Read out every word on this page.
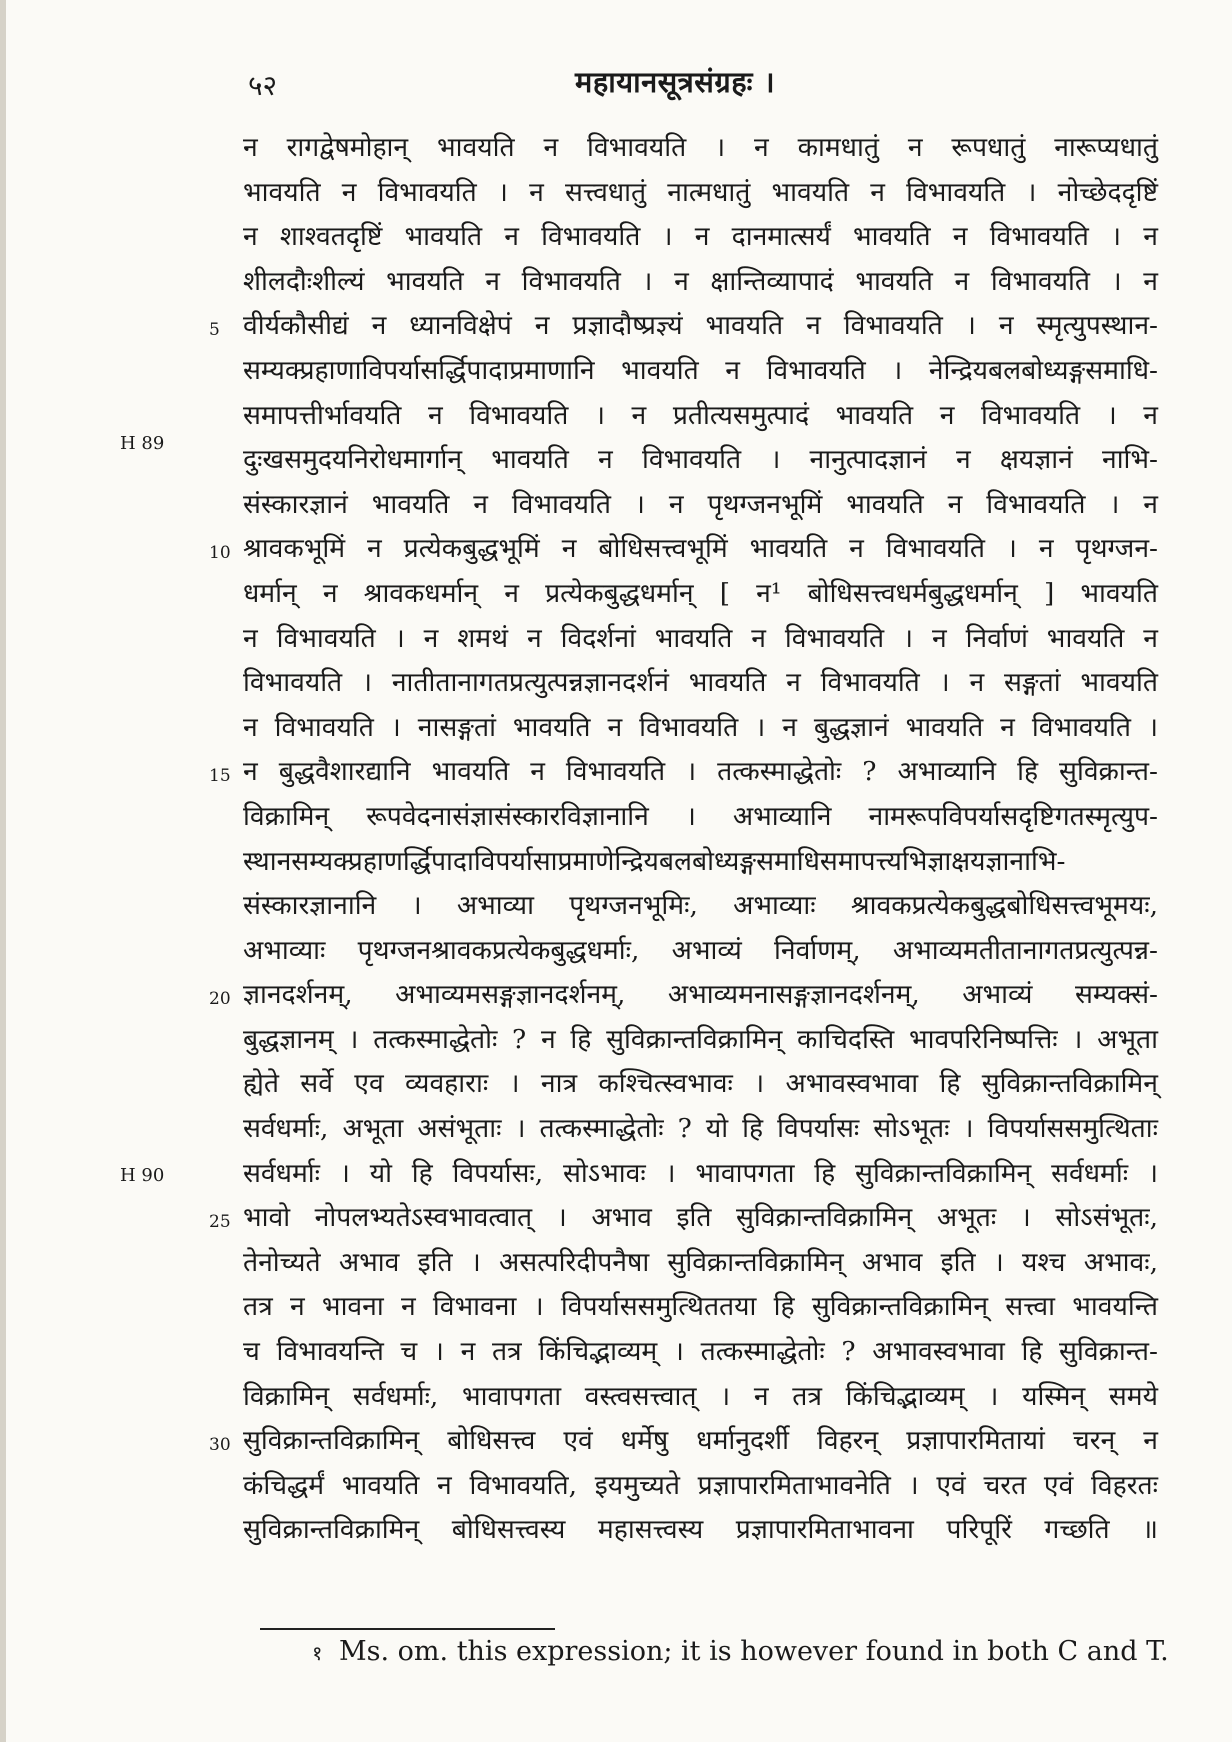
५२	महायानसूत्रसंग्रहः ।
H 89
H 90
न रागद्वेषमोहान् भावयति न विभावयति । न कामधातुं न रूपधातुं नारूप्यधातुं
भावयति न विभावयति । न सत्त्वधातुं नात्मधातुं भावयति न विभावयति । नोच्छेददृष्टिं
न शाश्वतदृष्टिं भावयति न विभावयति । न दानमात्सर्यं भावयति न विभावयति । न
शीलदौःशील्यं भावयति न विभावयति । न क्षान्तिव्यापादं भावयति न विभावयति । न
5 वीर्यकौसीद्यं न ध्यानविक्षेपं न प्रज्ञादौष्प्रज्ञ्यं भावयति न विभावयति । न स्मृत्युपस्थान-
सम्यक्प्रहाणाविपर्यासर्द्धिपादाप्रमाणानि भावयति न विभावयति । नेन्द्रियबलबोध्यङ्गसमाधि-
समापत्तीर्भावयति न विभावयति । न प्रतीत्यसमुत्पादं भावयति न विभावयति । न
दुःखसमुदयनिरोधमार्गान् भावयति न विभावयति । नानुत्पादज्ञानं न क्षयज्ञानं नाभि-
संस्कारज्ञानं भावयति न विभावयति । न पृथग्जनभूमिं भावयति न विभावयति । न
10 श्रावकभूमिं न प्रत्येकबुद्धभूमिं न बोधिसत्त्वभूमिं भावयति न विभावयति । न पृथग्जन-
धर्मान् न श्रावकधर्मान् न प्रत्येकबुद्धधर्मान् [ न¹ बोधिसत्त्वधर्मबुद्धधर्मान् ] भावयति
न विभावयति । न शमथं न विदर्शनां भावयति न विभावयति । न निर्वाणं भावयति न
विभावयति । नातीतानागतप्रत्युत्पन्नज्ञानदर्शनं भावयति न विभावयति । न सङ्गतां भावयति
न विभावयति । नासङ्गतां भावयति न विभावयति । न बुद्धज्ञानं भावयति न विभावयति ।
15 न बुद्धवैशारद्यानि भावयति न विभावयति । तत्कस्माद्धेतोः ? अभाव्यानि हि सुविक्रान्त-
विक्रामिन् रूपवेदनासंज्ञासंस्कारविज्ञानानि । अभाव्यानि नामरूपविपर्यासदृष्टिगतस्मृत्युप-
स्थानसम्यक्प्रहाणर्द्धिपादाविपर्यासाप्रमाणेन्द्रियबलबोध्यङ्गसमाधिसमापत्त्यभिज्ञाक्षयज्ञानाभि-
संस्कारज्ञानानि । अभाव्या पृथग्जनभूमिः, अभाव्याः श्रावकप्रत्येकबुद्धबोधिसत्त्वभूमयः,
अभाव्याः पृथग्जनश्रावकप्रत्येकबुद्धधर्माः, अभाव्यं निर्वाणम्, अभाव्यमतीतानागतप्रत्युत्पन्न-
20 ज्ञानदर्शनम्, अभाव्यमसङ्गज्ञानदर्शनम्, अभाव्यमनासङ्गज्ञानदर्शनम्, अभाव्यं सम्यक्सं-
बुद्धज्ञानम् । तत्कस्माद्धेतोः ? न हि सुविक्रान्तविक्रामिन् काचिदस्ति भावपरिनिष्पत्तिः । अभूता
ह्येते सर्वे एव व्यवहाराः । नात्र कश्चित्स्वभावः । अभावस्वभावा हि सुविक्रान्तविक्रामिन्
सर्वधर्माः, अभूता असंभूताः । तत्कस्माद्धेतोः ? यो हि विपर्यासः सोऽभूतः । विपर्याससमुत्थिताः
सर्वधर्माः । यो हि विपर्यासः, सोऽभावः । भावापगता हि सुविक्रान्तविक्रामिन् सर्वधर्माः ।
25 भावो नोपलभ्यतेऽस्वभावत्वात् । अभाव इति सुविक्रान्तविक्रामिन् अभूतः । सोऽसंभूतः,
तेनोच्यते अभाव इति । असत्परिदीपनैषा सुविक्रान्तविक्रामिन् अभाव इति । यश्च अभावः,
तत्र न भावना न विभावना । विपर्याससमुत्थिततया हि सुविक्रान्तविक्रामिन् सत्त्वा भावयन्ति
च विभावयन्ति च । न तत्र किंचिद्भाव्यम् । तत्कस्माद्धेतोः ? अभावस्वभावा हि सुविक्रान्त-
विक्रामिन् सर्वधर्माः, भावापगता वस्त्वसत्त्वात् । न तत्र किंचिद्भाव्यम् । यस्मिन् समये
30 सुविक्रान्तविक्रामिन् बोधिसत्त्व एवं धर्मेषु धर्मानुदर्शी विहरन् प्रज्ञापारमितायां चरन् न
कंचिद्धर्मं भावयति न विभावयति, इयमुच्यते प्रज्ञापारमिताभावनेति । एवं चरत एवं विहरतः
सुविक्रान्तविक्रामिन् बोधिसत्त्वस्य महासत्त्वस्य प्रज्ञापारमिताभावना परिपूरिं गच्छति ॥
१ Ms. om. this expression; it is however found in both C and T.
